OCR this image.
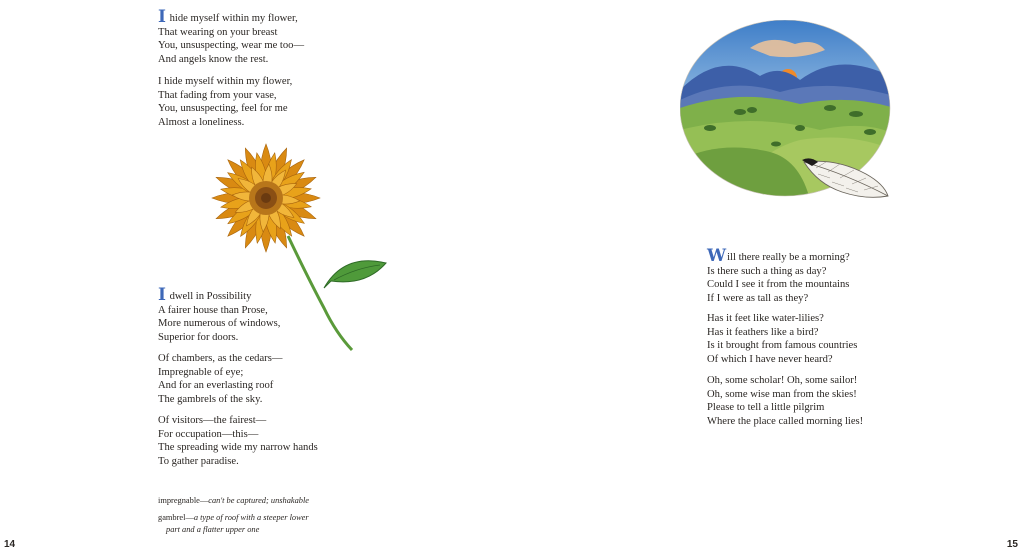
I hide myself within my flower,
That wearing on your breast
You, unsuspecting, wear me too—
And angels know the rest.
I hide myself within my flower,
That fading from your vase,
You, unsuspecting, feel for me
Almost a loneliness.
I dwell in Possibility
A fairer house than Prose,
More numerous of windows,
Superior for doors.
Of chambers, as the cedars—
Impregnable of eye;
And for an everlasting roof
The gambrels of the sky.
Of visitors—the fairest—
For occupation—this—
The spreading wide my narrow hands
To gather paradise.
impregnable—can't be captured; unshakable
gambrel—a type of roof with a steeper lower
part and a flatter upper one
14
Will there really be a morning?
Is there such a thing as day?
Could I see it from the mountains
If I were as tall as they?
Has it feet like water-lilies?
Has it feathers like a bird?
Is it brought from famous countries
Of which I have never heard?
Oh, some scholar! Oh, some sailor!
Oh, some wise man from the skies!
Please to tell a little pilgrim
Where the place called morning lies!
15
